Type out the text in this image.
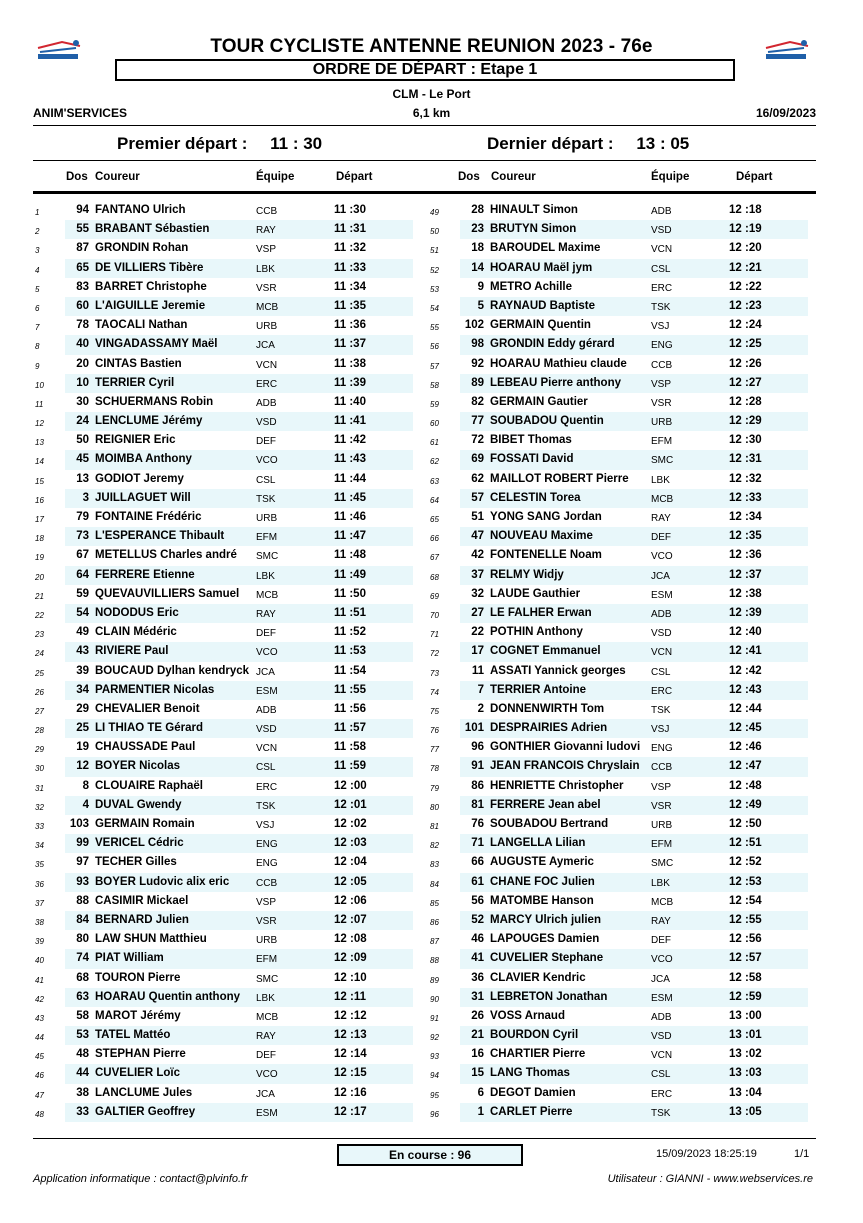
TOUR CYCLISTE ANTENNE REUNION 2023 - 76e
ORDRE DE DÉPART : Etape 1
CLM - Le Port
ANIM'SERVICES	6,1 km	16/09/2023
Premier départ : 11 : 30	Dernier départ : 13 : 05
Dos Coureur	Équipe	Départ	Dos Coureur	Équipe	Départ
1	94 FANTANO Ulrich	CCB	11 :30
2	55 BRABANT Sébastien	RAY	11 :31
3	87 GRONDIN Rohan	VSP	11 :32
4	65 DE VILLIERS Tibère	LBK	11 :33
5	83 BARRET Christophe	VSR	11 :34
6	60 L'AIGUILLE Jeremie	MCB	11 :35
7	78 TAOCALI Nathan	URB	11 :36
8	40 VINGADASSAMY Maël	JCA	11 :37
9	20 CINTAS Bastien	VCN	11 :38
10	10 TERRIER Cyril	ERC	11 :39
11	30 SCHUERMANS Robin	ADB	11 :40
12	24 LENCLUME Jérémy	VSD	11 :41
13	50 REIGNIER Eric	DEF	11 :42
14	45 MOIMBA Anthony	VCO	11 :43
15	13 GODIOT Jeremy	CSL	11 :44
16	3 JUILLAGUET Will	TSK	11 :45
17	79 FONTAINE Frédéric	URB	11 :46
18	73 L'ESPERANCE Thibault	EFM	11 :47
19	67 METELLUS Charles andré	SMC	11 :48
20	64 FERRERE Etienne	LBK	11 :49
21	59 QUEVAUVILLIERS Samuel	MCB	11 :50
22	54 NODODUS Eric	RAY	11 :51
23	49 CLAIN Médéric	DEF	11 :52
24	43 RIVIERE Paul	VCO	11 :53
25	39 BOUCAUD Dylhan kendryck JCA	11 :54
26	34 PARMENTIER Nicolas	ESM	11 :55
27	29 CHEVALIER Benoit	ADB	11 :56
28	25 LI THIAO TE Gérard	VSD	11 :57
29	19 CHAUSSADE Paul	VCN	11 :58
30	12 BOYER Nicolas	CSL	11 :59
31	8 CLOUAIRE Raphaël	ERC	12 :00
32	4 DUVAL Gwendy	TSK	12 :01
33	103 GERMAIN Romain	VSJ	12 :02
34	99 VERICEL Cédric	ENG	12 :03
35	97 TECHER Gilles	ENG	12 :04
36	93 BOYER Ludovic alix eric	CCB	12 :05
37	88 CASIMIR Mickael	VSP	12 :06
38	84 BERNARD Julien	VSR	12 :07
39	80 LAW SHUN Matthieu	URB	12 :08
40	74 PIAT William	EFM	12 :09
41	68 TOURON Pierre	SMC	12 :10
42	63 HOARAU Quentin anthony	LBK	12 :11
43	58 MAROT Jérémy	MCB	12 :12
44	53 TATEL Mattéo	RAY	12 :13
45	48 STEPHAN Pierre	DEF	12 :14
46	44 CUVELIER Loïc	VCO	12 :15
47	38 LANCLUME Jules	JCA	12 :16
48	33 GALTIER Geoffrey	ESM	12 :17
49	28 HINAULT Simon	ADB	12 :18
50	23 BRUTYN Simon	VSD	12 :19
51	18 BAROUDEL Maxime	VCN	12 :20
52	14 HOARAU Maël jym	CSL	12 :21
53	9 METRO Achille	ERC	12 :22
54	5 RAYNAUD Baptiste	TSK	12 :23
55	102 GERMAIN Quentin	VSJ	12 :24
56	98 GRONDIN Eddy gérard	ENG	12 :25
57	92 HOARAU Mathieu claude	CCB	12 :26
58	89 LEBEAU Pierre anthony	VSP	12 :27
59	82 GERMAIN Gautier	VSR	12 :28
60	77 SOUBADOU Quentin	URB	12 :29
61	72 BIBET Thomas	EFM	12 :30
62	69 FOSSATI David	SMC	12 :31
63	62 MAILLOT ROBERT Pierre	LBK	12 :32
64	57 CELESTIN Torea	MCB	12 :33
65	51 YONG SANG Jordan	RAY	12 :34
66	47 NOUVEAU Maxime	DEF	12 :35
67	42 FONTENELLE Noam	VCO	12 :36
68	37 RELMY Widjy	JCA	12 :37
69	32 LAUDE Gauthier	ESM	12 :38
70	27 LE FALHER Erwan	ADB	12 :39
71	22 POTHIN Anthony	VSD	12 :40
72	17 COGNET Emmanuel	VCN	12 :41
73	11 ASSATI Yannick georges	CSL	12 :42
74	7 TERRIER Antoine	ERC	12 :43
75	2 DONNENWIRTH Tom	TSK	12 :44
76	101 DESPRAIRIES Adrien	VSJ	12 :45
77	96 GONTHIER Giovanni ludovi	ENG	12 :46
78	91 JEAN FRANCOIS Chryslain	CCB	12 :47
79	86 HENRIETTE Christopher	VSP	12 :48
80	81 FERRERE Jean abel	VSR	12 :49
81	76 SOUBADOU Bertrand	URB	12 :50
82	71 LANGELLA Lilian	EFM	12 :51
83	66 AUGUSTE Aymeric	SMC	12 :52
84	61 CHANE FOC Julien	LBK	12 :53
85	56 MATOMBE Hanson	MCB	12 :54
86	52 MARCY Ulrich julien	RAY	12 :55
87	46 LAPOUGES Damien	DEF	12 :56
88	41 CUVELIER Stephane	VCO	12 :57
89	36 CLAVIER Kendric	JCA	12 :58
90	31 LEBRETON Jonathan	ESM	12 :59
91	26 VOSS Arnaud	ADB	13 :00
92	21 BOURDON Cyril	VSD	13 :01
93	16 CHARTIER Pierre	VCN	13 :02
94	15 LANG Thomas	CSL	13 :03
95	6 DEGOT Damien	ERC	13 :04
96	1 CARLET Pierre	TSK	13 :05
En course : 96	15/09/2023 18:25:19	1/1
Application informatique : contact@plvinfo.fr	Utilisateur : GIANNI - www.webservices.re
